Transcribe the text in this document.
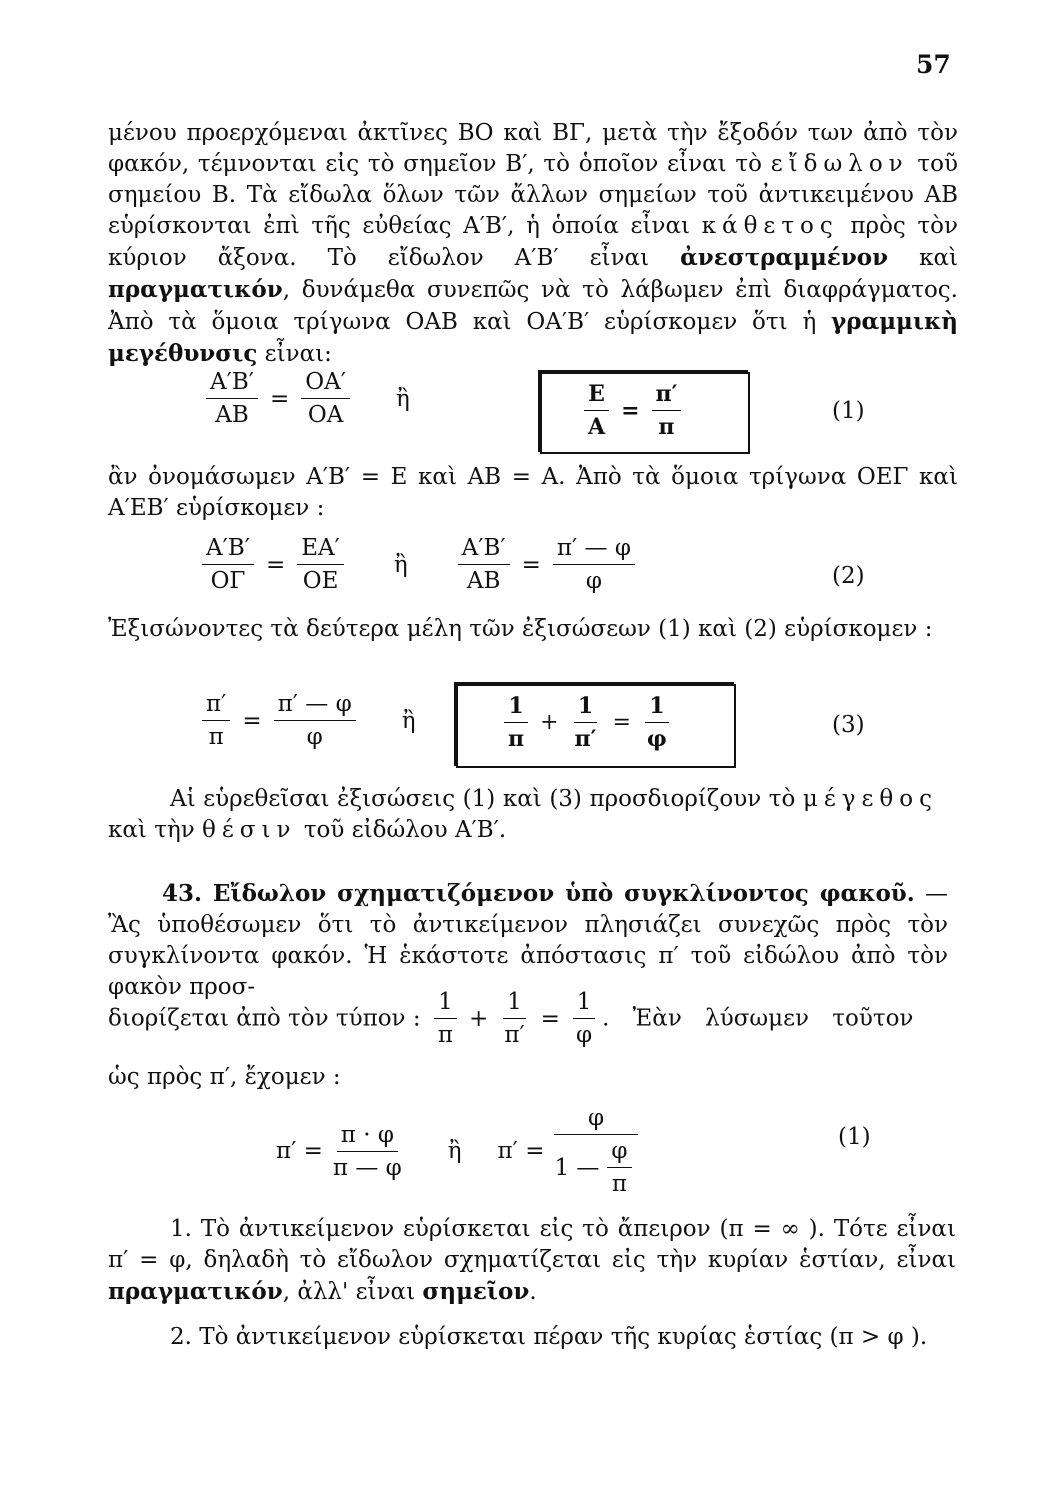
57
μένου προερχόμεναι ἀκτῖνες ΒΟ καὶ ΒΓ, μετὰ τὴν ἔξοδόν των ἀπὸ τὸν φακόν, τέμνονται εἰς τὸ σημεῖον Β′, τὸ ὁποῖον εἶναι τὸ εἴδωλον τοῦ σημείου Β. Τὰ εἴδωλα ὅλων τῶν ἄλλων σημείων τοῦ ἀντικειμένου ΑΒ εὑρίσκονται ἐπὶ τῆς εὐθείας Α′Β′, ἡ ὁποία εἶναι κάθετος πρὸς τὸν κύριον ἄξονα. Τὸ εἴδωλον Α′Β′ εἶναι ἀνεστραμμένον καὶ πραγματικόν, δυνάμεθα συνεπῶς νὰ τὸ λάβωμεν ἐπὶ διαφράγματος. Ἀπὸ τὰ ὅμοια τρίγωνα ΟΑΒ καὶ ΟΑ′Β′ εὑρίσκομεν ὅτι ἡ γραμμικὴ μεγέθυνσις εἶναι:
$\frac{A'B'}{AB} = \frac{OA'}{OA}$ ἢ	$\frac{E}{A} = \frac{\pi'}{\pi}$	(1)
ἂν ὀνομάσωμεν Α′Β′ = Ε καὶ ΑΒ = Α. Ἀπὸ τὰ ὅμοια τρίγωνα ΟΕΓ καὶ Α′ΕΒ′ εὑρίσκομεν :
$\frac{A'B'}{O\Gamma} = \frac{EA'}{OE}$ ἢ $\frac{A'B'}{AB} = \frac{\pi' — \varphi}{\varphi}$	(2)
Ἐξισώνοντες τὰ δεύτερα μέλη τῶν ἐξισώσεων (1) καὶ (2) εὑρίσκομεν :
$\frac{\pi'}{\pi} = \frac{\pi' — \varphi}{\varphi}$ ἢ	$\frac{1}{\pi} + \frac{1}{\pi'} = \frac{1}{\varphi}$	(3)
Αἱ εὑρεθεῖσαι ἐξισώσεις (1) καὶ (3) προσδιορίζουν τὸ μέγεθος καὶ τὴν θέσιν τοῦ εἰδώλου Α′Β′.
43. Εἴδωλον σχηματιζόμενον ὑπὸ συγκλίνοντος φακοῦ. — Ἂς ὑποθέσωμεν ὅτι τὸ ἀντικείμενον πλησιάζει συνεχῶς πρὸς τὸν συγκλίνοντα φακόν. Ἡ ἑκάστοτε ἀπόστασις π′ τοῦ εἰδώλου ἀπὸ τὸν φακὸν προσ-
διορίζεται ἀπὸ τὸν τύπον : $\frac{1}{\pi} + \frac{1}{\pi'} = \frac{1}{\varphi}$ . Ἐὰν λύσωμεν τοῦτον
ὡς πρὸς π′, ἔχομεν :
$\pi' = \frac{\pi \cdot \varphi}{\pi — \varphi}$ ἢ $\pi' = \frac{\varphi}{1 — \frac{\varphi}{\pi}}$	(1)
1. Τὸ ἀντικείμενον εὑρίσκεται εἰς τὸ ἄπειρον (π = ∞ ). Τότε εἶναι π′ = φ, δηλαδὴ τὸ εἴδωλον σχηματίζεται εἰς τὴν κυρίαν ἑστίαν, εἶναι πραγματικόν, ἀλλ' εἶναι σημεῖον.
2. Τὸ ἀντικείμενον εὑρίσκεται πέραν τῆς κυρίας ἑστίας (π > φ ).
